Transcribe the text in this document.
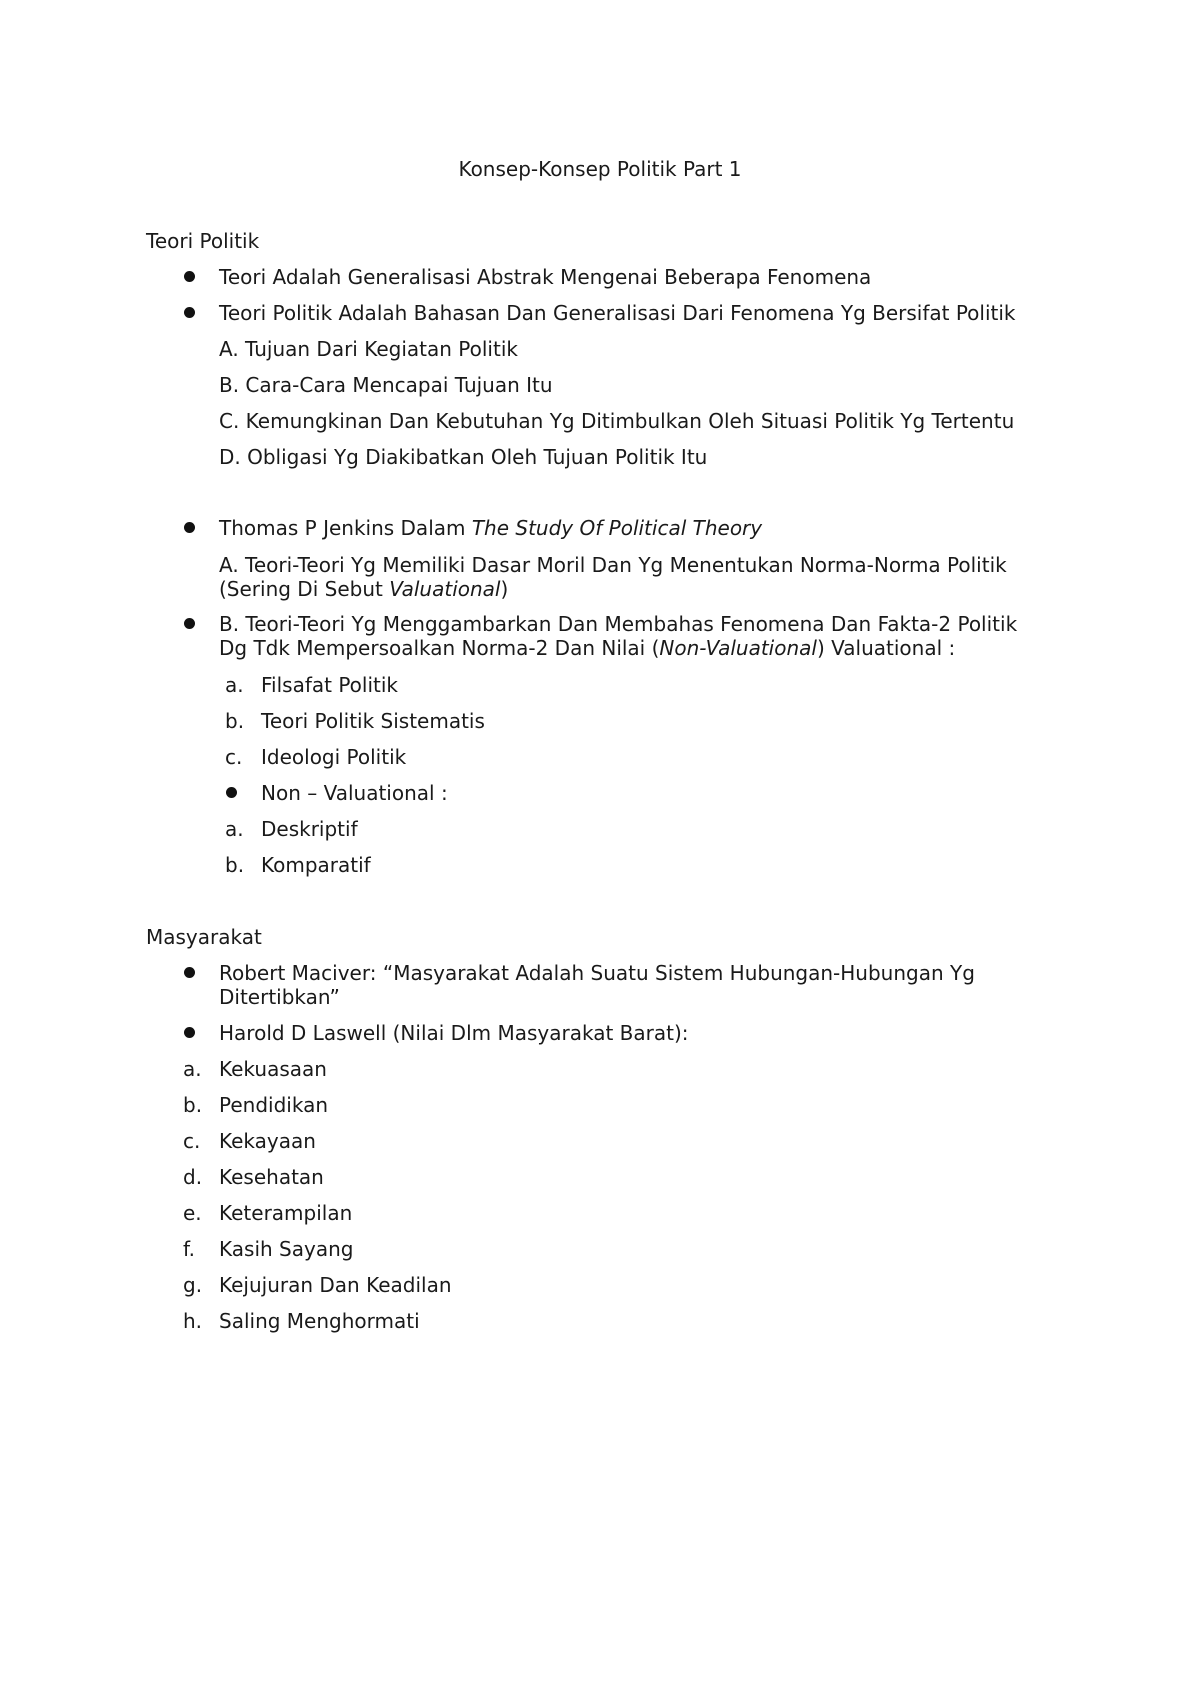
Konsep-Konsep Politik Part 1
Teori Politik
Teori Adalah Generalisasi Abstrak Mengenai Beberapa Fenomena
Teori Politik Adalah Bahasan Dan Generalisasi Dari Fenomena Yg Bersifat Politik
A. Tujuan Dari Kegiatan Politik
B. Cara-Cara Mencapai Tujuan Itu
C. Kemungkinan Dan Kebutuhan Yg Ditimbulkan Oleh Situasi Politik Yg Tertentu
D. Obligasi Yg Diakibatkan Oleh Tujuan Politik Itu
Thomas P Jenkins Dalam The Study Of Political Theory
A. Teori-Teori Yg Memiliki Dasar Moril Dan Yg Menentukan Norma-Norma Politik
(Sering Di Sebut Valuational)
B. Teori-Teori Yg Menggambarkan Dan Membahas Fenomena Dan Fakta-2 Politik
Dg Tdk Mempersoalkan Norma-2 Dan Nilai (Non-Valuational) Valuational :
a. Filsafat Politik
b. Teori Politik Sistematis
c. Ideologi Politik
Non – Valuational :
a. Deskriptif
b. Komparatif
Masyarakat
Robert Maciver: “Masyarakat Adalah Suatu Sistem Hubungan-Hubungan Yg
Ditertibkan”
Harold D Laswell (Nilai Dlm Masyarakat Barat):
a. Kekuasaan
b. Pendidikan
c. Kekayaan
d. Kesehatan
e. Keterampilan
f. Kasih Sayang
g. Kejujuran Dan Keadilan
h. Saling Menghormati
